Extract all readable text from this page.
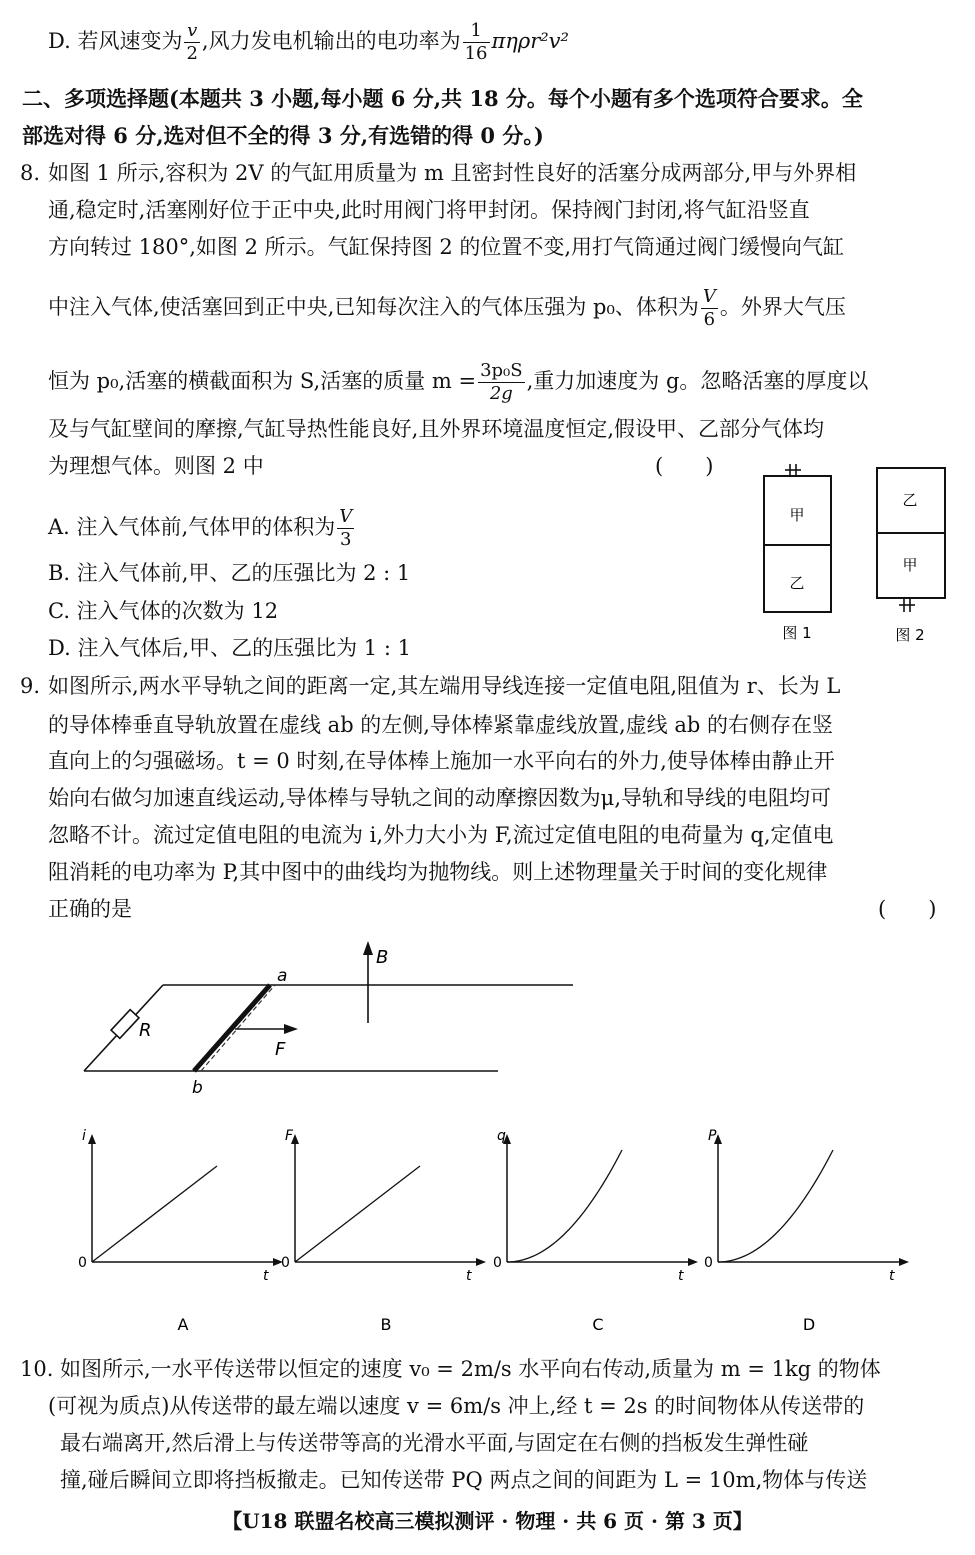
D. 若风速变为 $\frac{v}{2}$ ,风力发电机输出的电功率为 $\frac{1}{16} \pi\eta\rho r^2v^2$
二、多项选择题(本题共 3 小题,每小题 6 分,共 18 分。每个小题有多个选项符合要求。全
部选对得 6 分,选对但不全的得 3 分,有选错的得 0 分。)
8. 如图 1 所示,容积为 2V 的气缸用质量为 m 且密封性良好的活塞分成两部分,甲与外界相
通,稳定时,活塞刚好位于正中央,此时用阀门将甲封闭。保持阀门封闭,将气缸沿竖直
方向转过 180°,如图 2 所示。气缸保持图 2 的位置不变,用打气筒通过阀门缓慢向气缸
中注入气体,使活塞回到正中央,已知每次注入的气体压强为 p₀、体积为 $\frac{V}{6}$ 。外界大气压
恒为 p₀,活塞的横截面积为 S,活塞的质量 $m = \frac{\text{3p₀S}}{2g}$ ,重力加速度为 g。忽略活塞的厚度以
及与气缸壁间的摩擦,气缸导热性能良好,且外界环境温度恒定,假设甲、乙部分气体均
为理想气体。则图 2 中	(　　)
A. 注入气体前,气体甲的体积为 $\frac{V}{3}$
B. 注入气体前,甲、乙的压强比为 2 : 1
C. 注入气体的次数为 12
D. 注入气体后,甲、乙的压强比为 1 : 1
甲
乙
图 1
乙
甲
图 2
9. 如图所示,两水平导轨之间的距离一定,其左端用导线连接一定值电阻,阻值为 r、长为 L
的导体棒垂直导轨放置在虚线 ab 的左侧,导体棒紧靠虚线放置,虚线 ab 的右侧存在竖
直向上的匀强磁场。t = 0 时刻,在导体棒上施加一水平向右的外力,使导体棒由静止开
始向右做匀加速直线运动,导体棒与导轨之间的动摩擦因数为μ,导轨和导线的电阻均可
忽略不计。流过定值电阻的电流为 i,外力大小为 F,流过定值电阻的电荷量为 q,定值电
阻消耗的电功率为 P,其中图中的曲线均为抛物线。则上述物理量关于时间的变化规律
正确的是	(　　)
R
a
b
F
B
i
t
0
A
F
t
0
B
q
t
0
C
P
t
0
D
10. 如图所示,一水平传送带以恒定的速度 v₀ = 2m/s 水平向右传动,质量为 m = 1kg 的物体
(可视为质点)从传送带的最左端以速度 v = 6m/s 冲上,经 t = 2s 的时间物体从传送带的
最右端离开,然后滑上与传送带等高的光滑水平面,与固定在右侧的挡板发生弹性碰
撞,碰后瞬间立即将挡板撤走。已知传送带 PQ 两点之间的间距为 L = 10m,物体与传送
【U18 联盟名校高三模拟测评 · 物理 · 共 6 页 · 第 3 页】
